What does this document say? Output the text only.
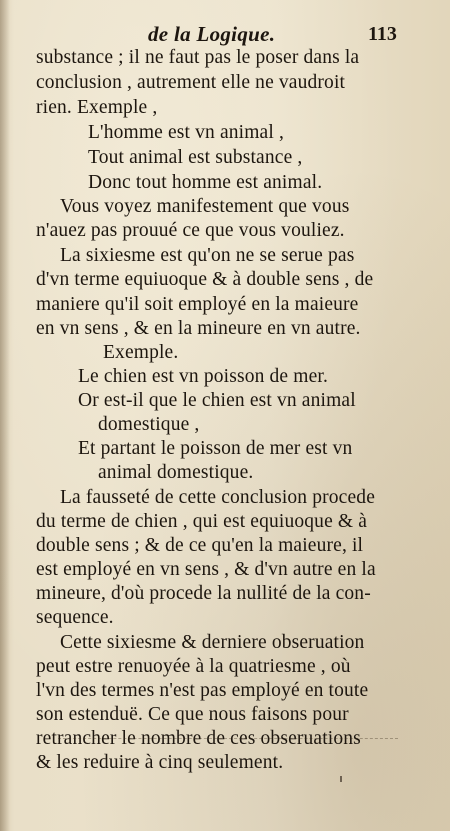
de la Logique.	113
substance ; il ne faut pas le poser dans la
conclusion , autrement elle ne vaudroit
rien. Exemple ,
L'homme est vn animal ,
Tout animal est substance ,
Donc tout homme est animal.
Vous voyez manifestement que vous
n'auez pas prouué ce que vous vouliez.
La sixiesme est qu'on ne se serue pas
d'vn terme equiuoque & à double sens , de
maniere qu'il soit employé en la maieure
en vn sens , & en la mineure en vn autre.
Exemple.
Le chien est vn poisson de mer.
Or est-il que le chien est vn animal
domestique ,
Et partant le poisson de mer est vn
animal domestique.
La fausseté de cette conclusion procede
du terme de chien , qui est equiuoque & à
double sens ; & de ce qu'en la maieure, il
est employé en vn sens , & d'vn autre en la
mineure, d'où procede la nullité de la con-
sequence.
Cette sixiesme & derniere obseruation
peut estre renuoyée à la quatriesme , où
l'vn des termes n'est pas employé en toute
son estenduë. Ce que nous faisons pour
retrancher le nombre de ces obseruations
& les reduire à cinq seulement.
